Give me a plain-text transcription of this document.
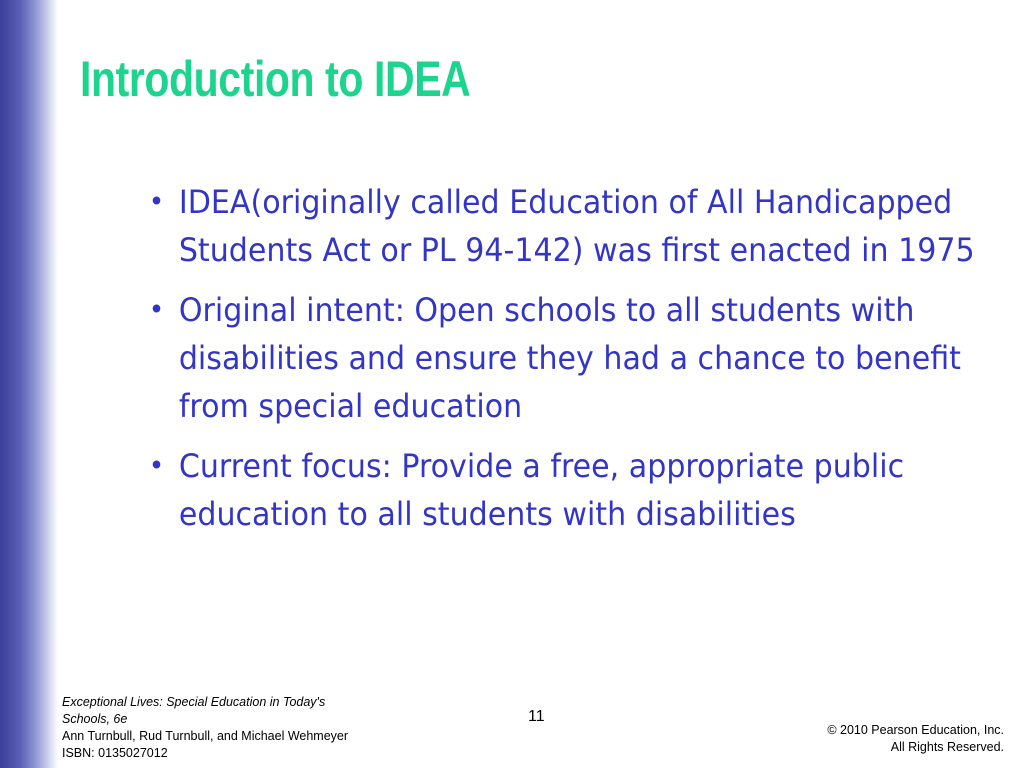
Introduction to IDEA
• IDEA(originally called Education of All Handicapped Students Act or PL 94-142) was first enacted in 1975
• Original intent: Open schools to all students with disabilities and ensure they had a chance to benefit from special education
• Current focus: Provide a free, appropriate public education to all students with disabilities
Exceptional Lives: Special Education in Today's
Schools, 6e
Ann Turnbull, Rud Turnbull, and Michael Wehmeyer
ISBN: 0135027012
11
© 2010 Pearson Education, Inc.
All Rights Reserved.
